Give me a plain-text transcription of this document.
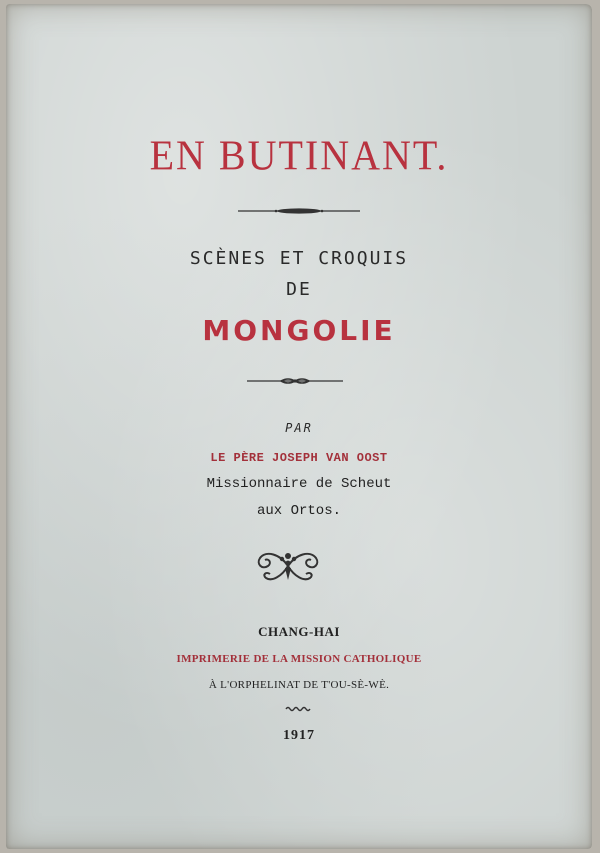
EN BUTINANT.
SCÈNES ET CROQUIS
DE
MONGOLIE
PAR
LE PÈRE JOSEPH VAN OOST
Missionnaire de Scheut
aux Ortos.
CHANG-HAI
IMPRIMERIE DE LA MISSION CATHOLIQUE
À L'ORPHELINAT DE T'OU-SÈ-WÈ.
1917
